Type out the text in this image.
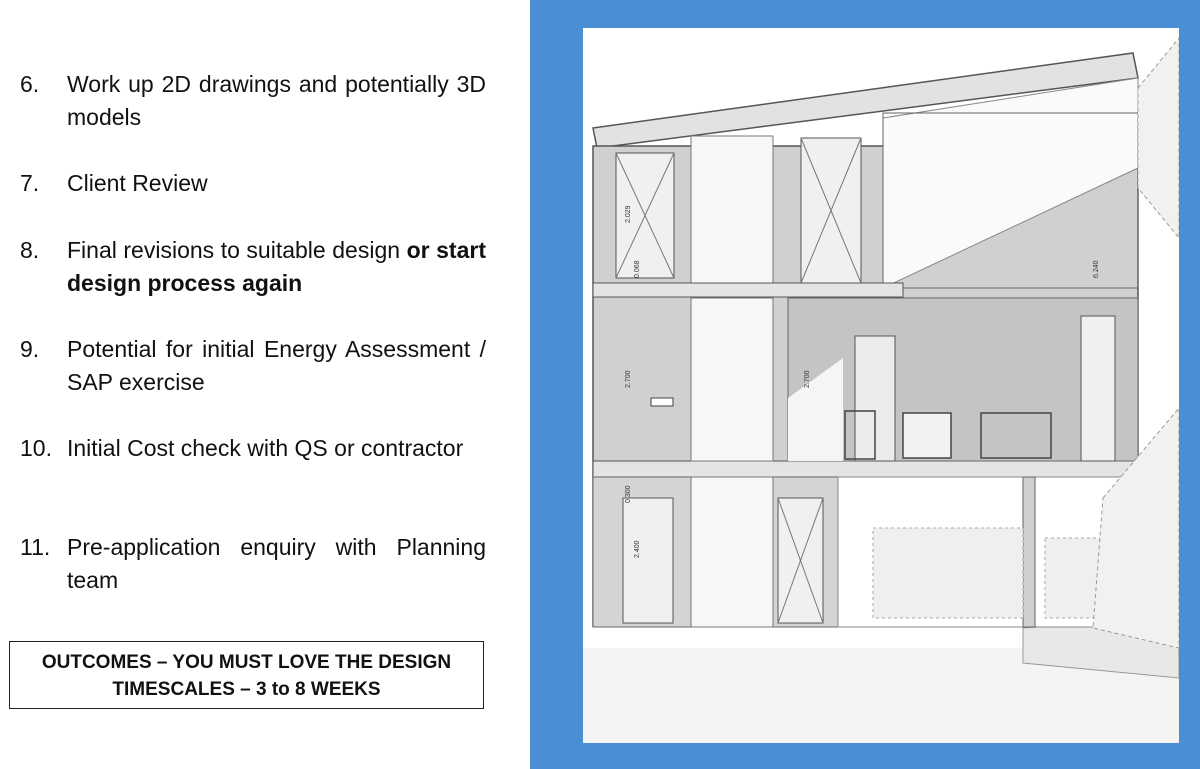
6. Work up 2D drawings and potentially 3D models
7. Client Review
8. Final revisions to suitable design or start design process again
9. Potential for initial Energy Assessment / SAP exercise
10. Initial Cost check with QS or contractor
11. Pre-application enquiry with Planning team
OUTCOMES – YOU MUST LOVE THE DESIGN
TIMESCALES – 3 to 8 WEEKS
2.029
0.068
2.700	2.700
6.240
0.300
2.400
